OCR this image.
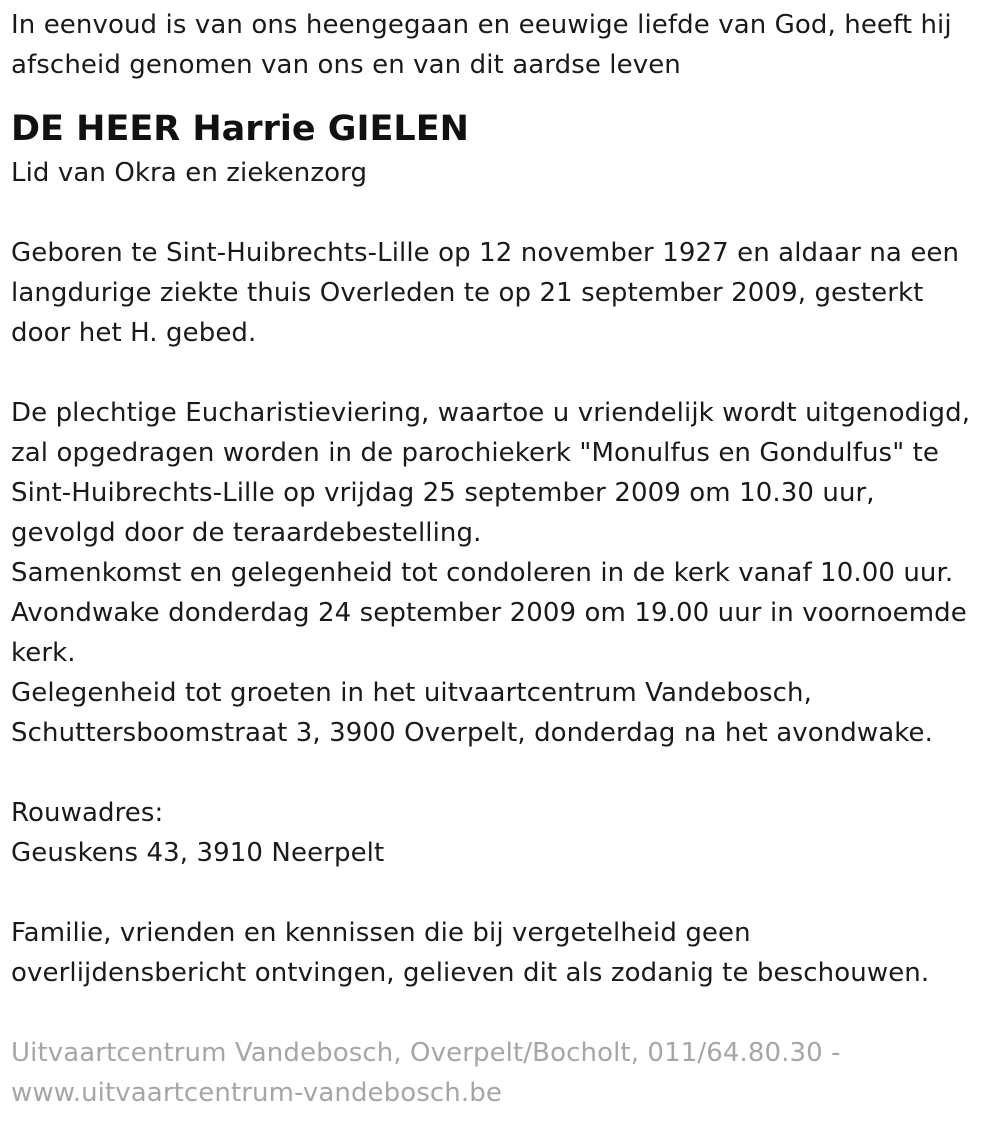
In eenvoud is van ons heengegaan en eeuwige liefde van God, heeft hij
afscheid genomen van ons en van dit aardse leven

DE HEER Harrie GIELEN

Lid van Okra en ziekenzorg

Geboren te Sint-Huibrechts-Lille op 12 november 1927 en aldaar na een
langdurige ziekte thuis Overleden te op 21 september 2009, gesterkt
door het H. gebed.

De plechtige Eucharistieviering, waartoe u vriendelijk wordt uitgenodigd,
zal opgedragen worden in de parochiekerk "Monulfus en Gondulfus" te
Sint-Huibrechts-Lille op vrijdag 25 september 2009 om 10.30 uur,
gevolgd door de teraardebestelling.
Samenkomst en gelegenheid tot condoleren in de kerk vanaf 10.00 uur.
Avondwake donderdag 24 september 2009 om 19.00 uur in voornoemde
kerk.
Gelegenheid tot groeten in het uitvaartcentrum Vandebosch,
Schuttersboomstraat 3, 3900 Overpelt, donderdag na het avondwake.

Rouwadres:

Geuskens 43, 3910 Neerpelt

Familie, vrienden en kennissen die bij vergetelheid geen
overlijdensbericht ontvingen, gelieven dit als zodanig te beschouwen.

Uitvaartcentrum Vandebosch, Overpelt/Bocholt, 011/64.80.30 -
www.uitvaartcentrum-vandebosch.be
